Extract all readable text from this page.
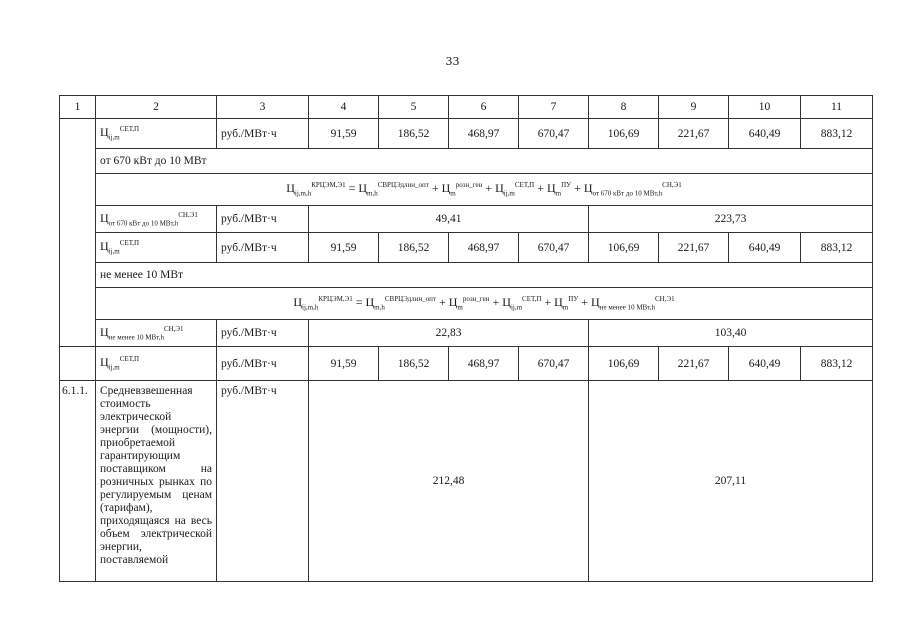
33
1	2	3	4	5	6	7	8	9	10	11
	$Ц_{ij,m}^{СЕТ,П}$	руб./МВт·ч	91,59	186,52	468,97	670,47	106,69	221,67	640,49	883,12
	от 670 кВт до 10 МВт									
	$Ц_{ij,m,h}^{КРЦЭМ,Э1} = Ц_{m,h}^{СВРЦЭдлин\_опт} + Ц_m^{розн\_ген} + Ц_{ij,m}^{СЕТ,П} + Ц_m^{ПУ} + Ц_{от 670 кВт до 10 МВт,h}^{СН,Э1}$
	$Ц_{от 670 кВт до 10 МВт,h}^{СН,Э1}$	руб./МВт·ч	49,41				223,73			
	$Ц_{ij,m}^{СЕТ,П}$	руб./МВт·ч	91,59	186,52	468,97	670,47	106,69	221,67	640,49	883,12
	не менее 10 МВт									
	$Ц_{ij,m,h}^{КРЦЭМ,Э1} = Ц_{m,h}^{СВРЦЭдлин\_опт} + Ц_m^{розн\_ген} + Ц_{ij,m}^{СЕТ,П} + Ц_m^{ПУ} + Ц_{не менее 10 МВт,h}^{СН,Э1}$
	$Ц_{не менее 10 МВт,h}^{СН,Э1}$	руб./МВт·ч	22,83				103,40			
	$Ц_{ij,m}^{СЕТ,П}$	руб./МВт·ч	91,59	186,52	468,97	670,47	106,69	221,67	640,49	883,12
6.1.1.	Средневзвешенная стоимость электрической энергии (мощности), приобретаемой гарантирующим поставщиком на розничных рынках по регулируемым ценам (тарифам), приходящаяся на весь объем электрической энергии, поставляемой	руб./МВт·ч	212,48				207,11			
